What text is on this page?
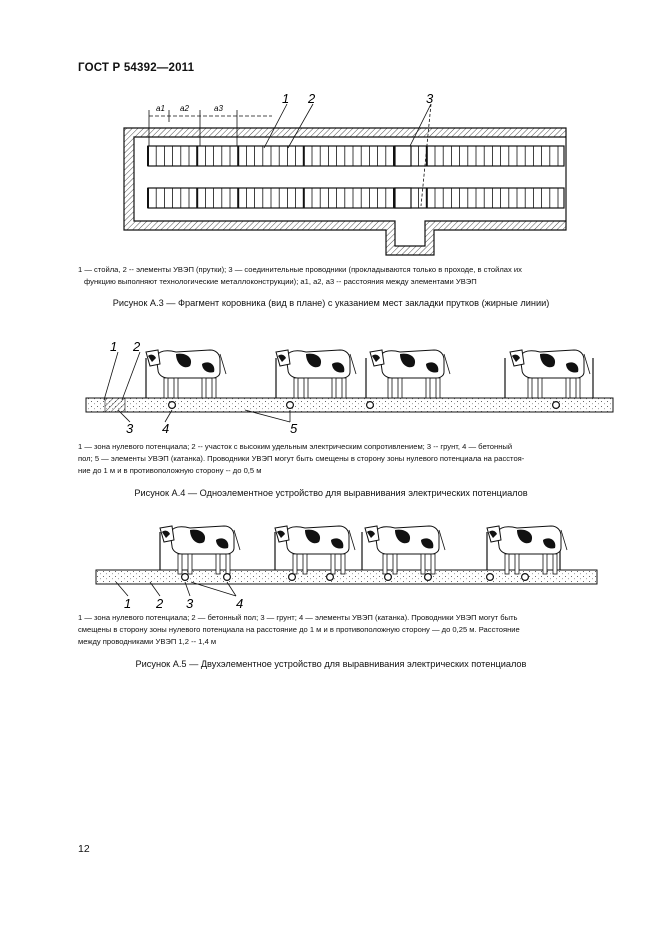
ГОСТ Р 54392—2011
a1 a2	a3
1 2	3
1 — стойла, 2 -- элементы УВЭП (прутки); 3 — соединительные проводники (прокладываются только в проходе, в стойлах их
функцию выполняют технологические металлоконструкции); a1, a2, a3 -- расстояния между элементами УВЭП
Рисунок А.3 — Фрагмент коровника (вид в плане) с указанием мест закладки прутков (жирные линии)
1 2
3 4	5
1 — зона нулевого потенциала; 2 -- участок с высоким удельным электрическим сопротивлением; 3 -- грунт, 4 — бетонный
пол; 5 — элементы УВЭП (катанка). Проводники УВЭП могут быть смещены в сторону зоны нулевого потенциала на расстоя-
ние до 1 м и в противоположную сторону -- до 0,5 м
Рисунок А.4 — Одноэлементное устройство для выравнивания электрических потенциалов
1 2 3	4
1 — зона нулевого потенциала; 2 — бетонный пол; 3 — грунт; 4 — элементы УВЭП (катанка). Проводники УВЭП могут быть
смещены в сторону зоны нулевого потенциала на расстояние до 1 м и в противоположную сторону — до 0,25 м. Расстояние
между проводниками УВЭП 1,2 -- 1,4 м
Рисунок А.5 — Двухэлементное устройство для выравнивания электрических потенциалов
12
